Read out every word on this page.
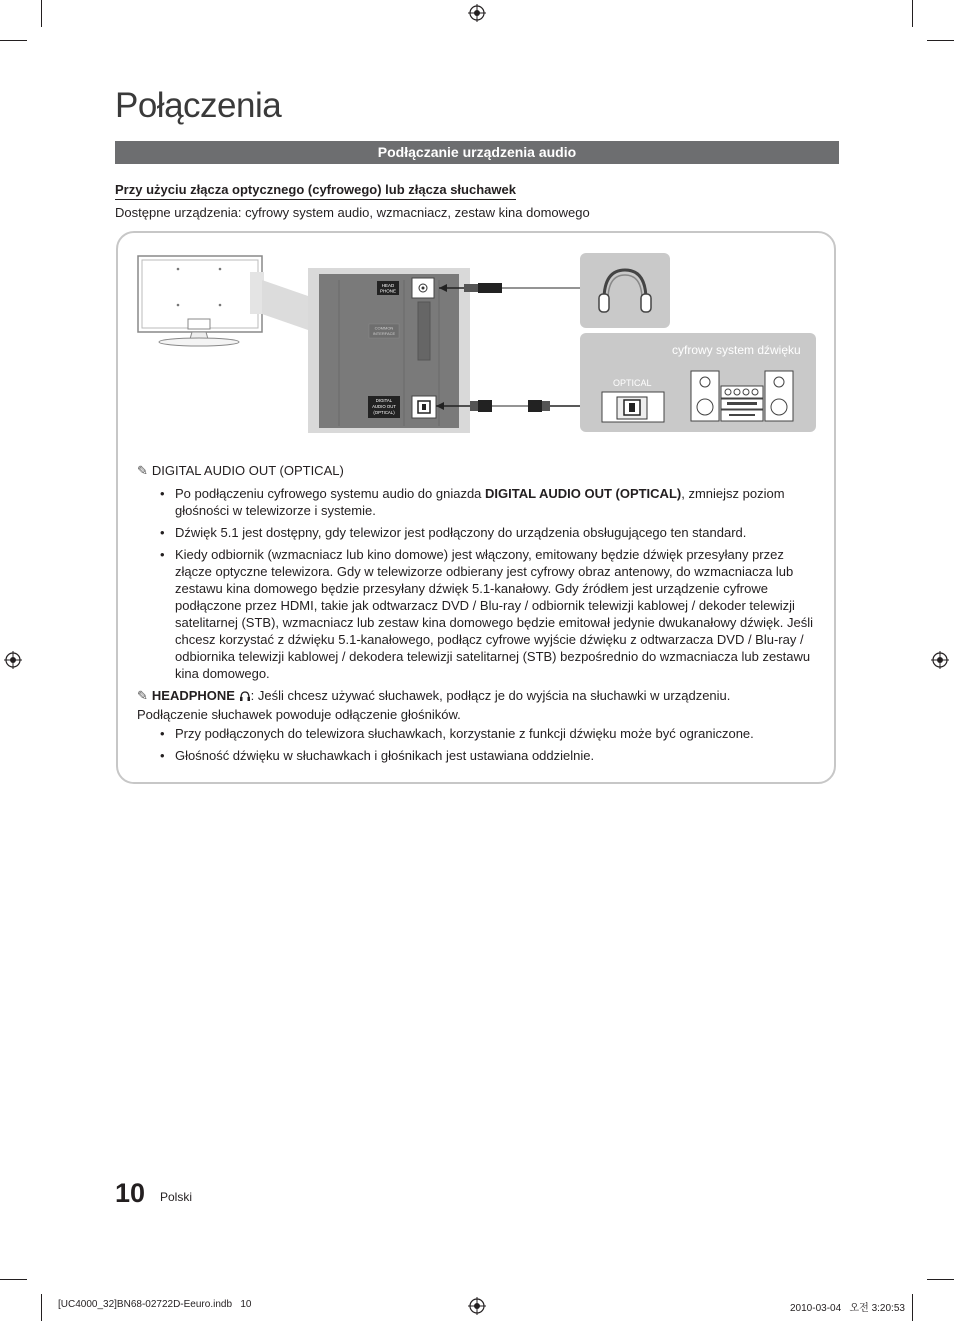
Połączenia
Podłączanie urządzenia audio
Przy użyciu złącza optycznego (cyfrowego) lub złącza słuchawek
Dostępne urządzenia: cyfrowy system audio, wzmacniacz, zestaw kina domowego
HEAD
PHONE
COMMON
INTERFACE
DIGITAL
AUDIO OUT
(OPTICAL)
cyfrowy system dźwięku
OPTICAL
✎ DIGITAL AUDIO OUT (OPTICAL)
• Po podłączeniu cyfrowego systemu audio do gniazda DIGITAL AUDIO OUT (OPTICAL), zmniejsz poziom głośności w telewizorze i systemie.
• Dźwięk 5.1 jest dostępny, gdy telewizor jest podłączony do urządzenia obsługującego ten standard.
• Kiedy odbiornik (wzmacniacz lub kino domowe) jest włączony, emitowany będzie dźwięk przesyłany przez złącze optyczne telewizora. Gdy w telewizorze odbierany jest cyfrowy obraz antenowy, do wzmacniacza lub zestawu kina domowego będzie przesyłany dźwięk 5.1-kanałowy. Gdy źródłem jest urządzenie cyfrowe podłączone przez HDMI, takie jak odtwarzacz DVD / Blu-ray / odbiornik telewizji kablowej / dekoder telewizji satelitarnej (STB), wzmacniacz lub zestaw kina domowego będzie emitował jedynie dwukanałowy dźwięk. Jeśli chcesz korzystać z dźwięku 5.1-kanałowego, podłącz cyfrowe wyjście dźwięku z odtwarzacza DVD / Blu-ray / odbiornika telewizji kablowej / dekodera telewizji satelitarnej (STB) bezpośrednio do wzmacniacza lub zestawu kina domowego.
✎ HEADPHONE : Jeśli chcesz używać słuchawek, podłącz je do wyjścia na słuchawki w urządzeniu. Podłączenie słuchawek powoduje odłączenie głośników.
• Przy podłączonych do telewizora słuchawkach, korzystanie z funkcji dźwięku może być ograniczone.
• Głośność dźwięku w słuchawkach i głośnikach jest ustawiana oddzielnie.
10 Polski
[UC4000_32]BN68-02722D-Eeuro.indb   10	2010-03-04   오전 3:20:53
